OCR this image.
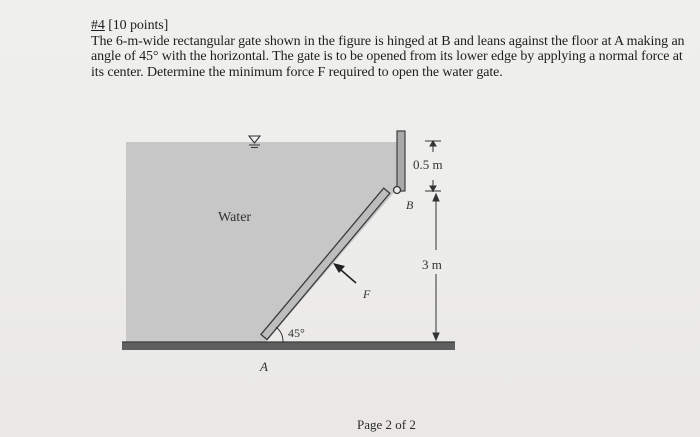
#4 [10 points]

The 6-m-wide rectangular gate shown in the figure is hinged at B and leans against the floor at A making an angle of 45° with the horizontal. The gate is to be opened from its lower edge by applying a normal force at its center. Determine the minimum force F required to open the water gate.

Water
B
A
F
45°
0.5 m
3 m
Page 2 of 2
